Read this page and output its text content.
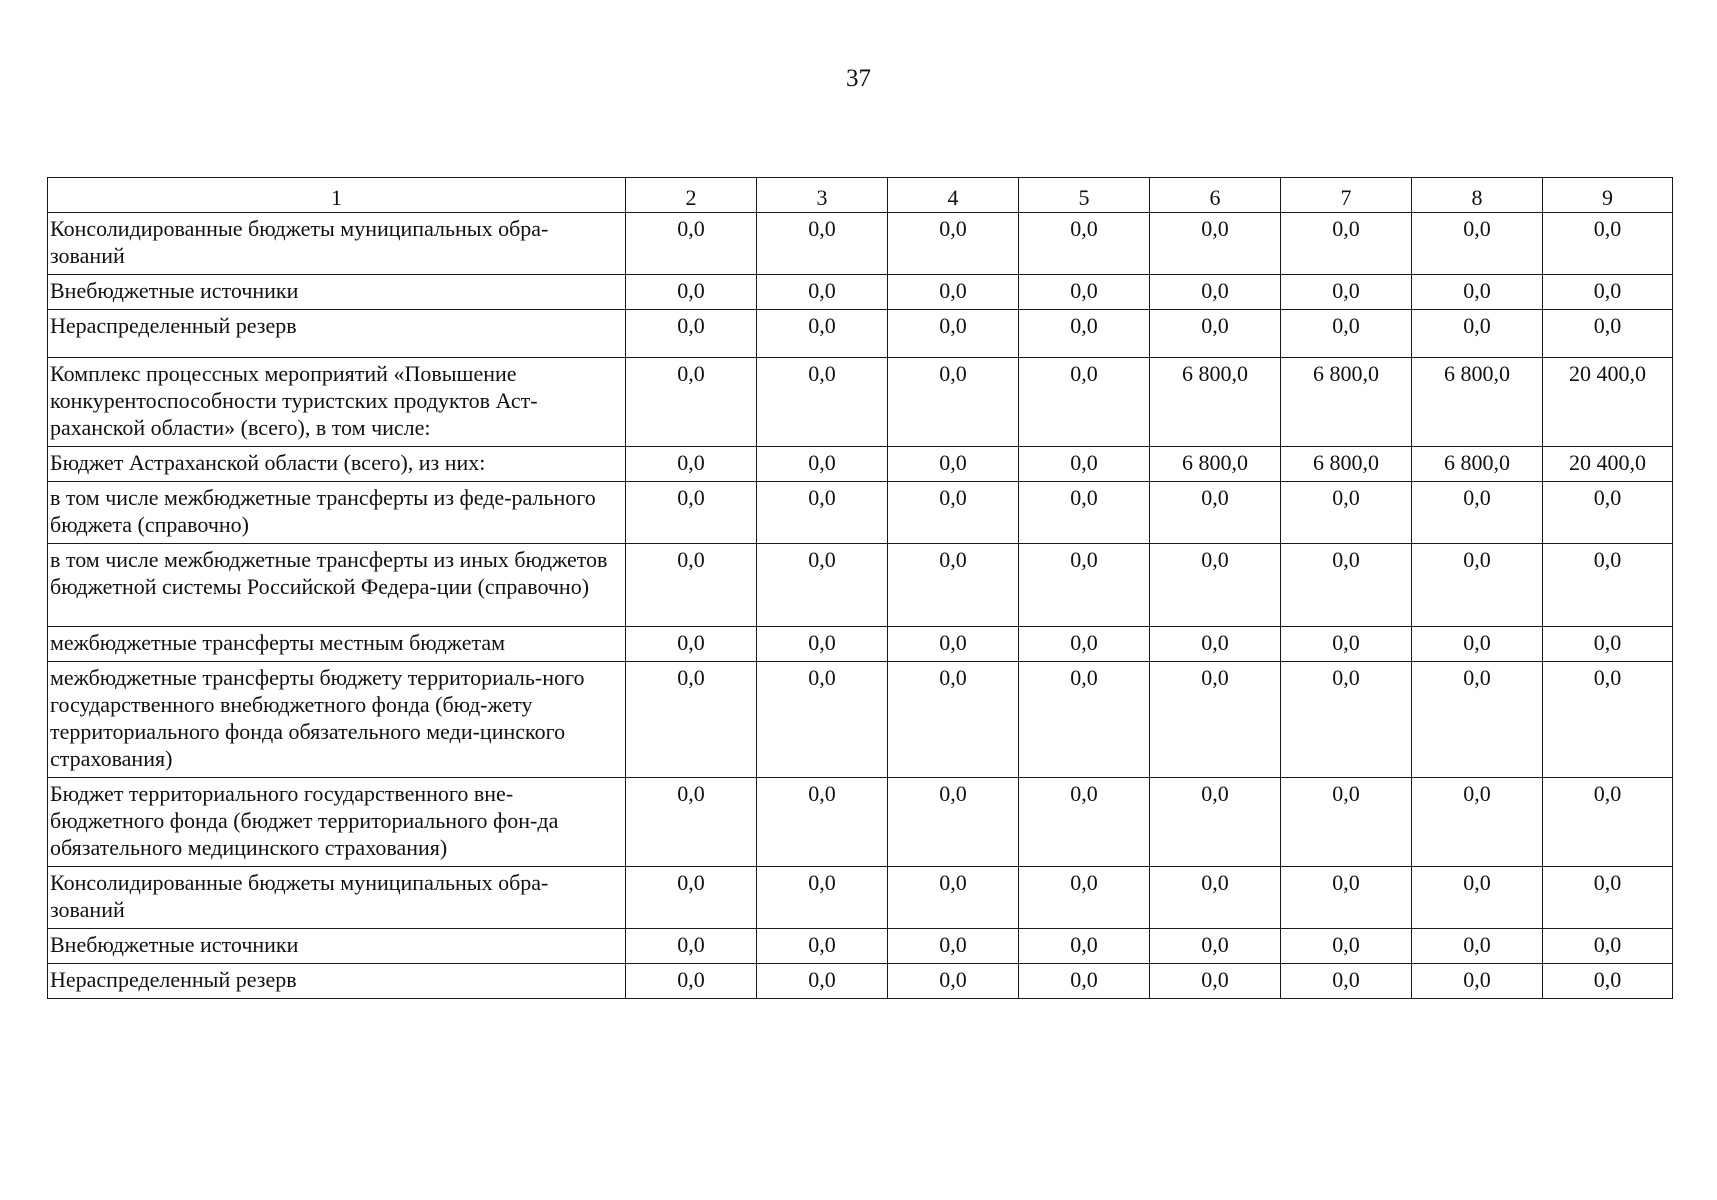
37
1	2	3	4	5	6	7	8	9
Консолидированные бюджеты муниципальных обра-зований	0,0	0,0	0,0	0,0	0,0	0,0	0,0	0,0
Внебюджетные источники	0,0	0,0	0,0	0,0	0,0	0,0	0,0	0,0
Нераспределенный резерв	0,0	0,0	0,0	0,0	0,0	0,0	0,0	0,0
Комплекс процессных мероприятий «Повышение конкурентоспособности туристских продуктов Аст-раханской области» (всего), в том числе:	0,0	0,0	0,0	0,0	6 800,0	6 800,0	6 800,0	20 400,0
Бюджет Астраханской области (всего), из них:	0,0	0,0	0,0	0,0	6 800,0	6 800,0	6 800,0	20 400,0
в том числе межбюджетные трансферты из феде-рального бюджета (справочно)	0,0	0,0	0,0	0,0	0,0	0,0	0,0	0,0
в том числе межбюджетные трансферты из иных бюджетов бюджетной системы Российской Федера-ции (справочно)	0,0	0,0	0,0	0,0	0,0	0,0	0,0	0,0
межбюджетные трансферты местным бюджетам	0,0	0,0	0,0	0,0	0,0	0,0	0,0	0,0
межбюджетные трансферты бюджету территориаль-ного государственного внебюджетного фонда (бюд-жету территориального фонда обязательного меди-цинского страхования)	0,0	0,0	0,0	0,0	0,0	0,0	0,0	0,0
Бюджет территориального государственного вне-бюджетного фонда (бюджет территориального фон-да обязательного медицинского страхования)	0,0	0,0	0,0	0,0	0,0	0,0	0,0	0,0
Консолидированные бюджеты муниципальных обра-зований	0,0	0,0	0,0	0,0	0,0	0,0	0,0	0,0
Внебюджетные источники	0,0	0,0	0,0	0,0	0,0	0,0	0,0	0,0
Нераспределенный резерв	0,0	0,0	0,0	0,0	0,0	0,0	0,0	0,0
